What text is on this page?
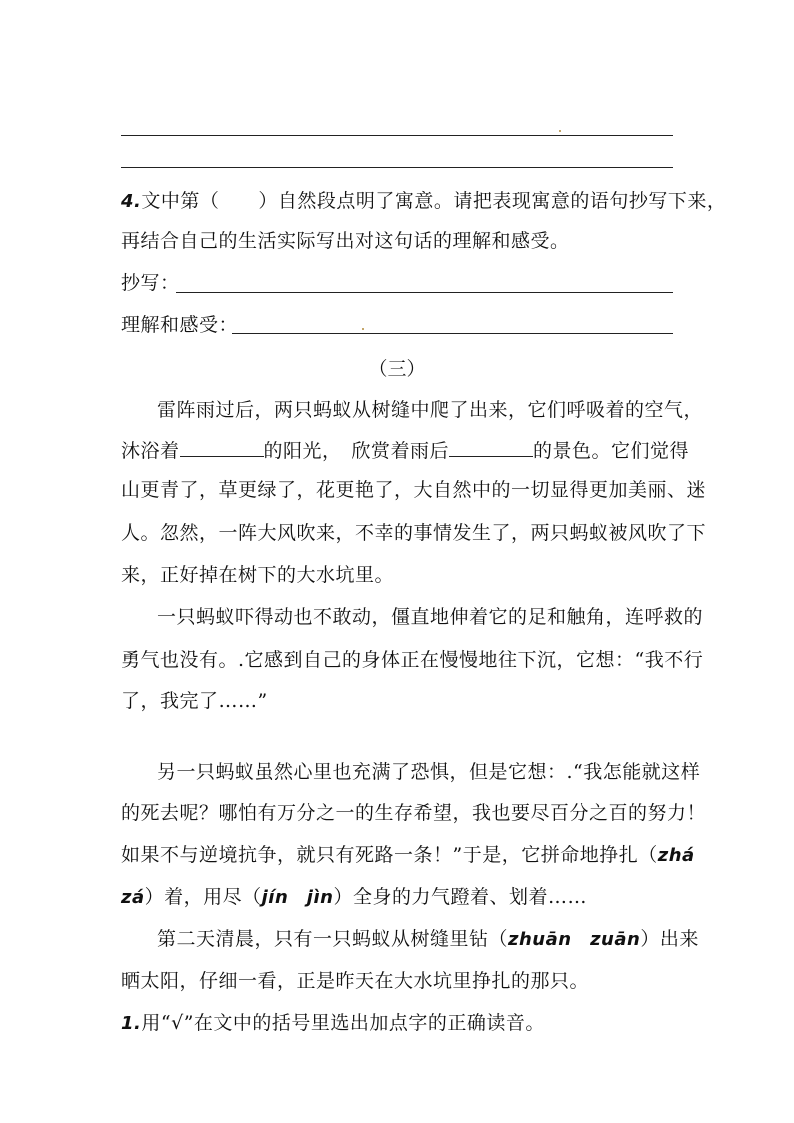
4.文中第（　　）自然段点明了寓意。请把表现寓意的语句抄写下来，
再结合自己的生活实际写出对这句话的理解和感受。
抄写：
理解和感受：
（三）
雷阵雨过后，两只蚂蚁从树缝中爬了出来，它们呼吸着的空气，
沐浴着	的阳光，　欣赏着雨后	的景色。它们觉得
山更青了，草更绿了，花更艳了，大自然中的一切显得更加美丽、迷
人。忽然，一阵大风吹来，不幸的事情发生了，两只蚂蚁被风吹了下
来，正好掉在树下的大水坑里。
一只蚂蚁吓得动也不敢动，僵直地伸着它的足和触角，连呼救的
勇气也没有。.它感到自己的身体正在慢慢地往下沉，它想：“我不行
了，我完了……”
另一只蚂蚁虽然心里也充满了恐惧，但是它想：.“我怎能就这样
的死去呢？哪怕有万分之一的生存希望，我也要尽百分之百的努力！
如果不与逆境抗争，就只有死路一条！”于是，它拼命地挣扎（zhá
zá）着，用尽（jín　jìn）全身的力气蹬着、划着……
第二天清晨，只有一只蚂蚁从树缝里钻（zhuān　zuān）出来
晒太阳，仔细一看，正是昨天在大水坑里挣扎的那只。
1.用“√”在文中的括号里选出加点字的正确读音。
